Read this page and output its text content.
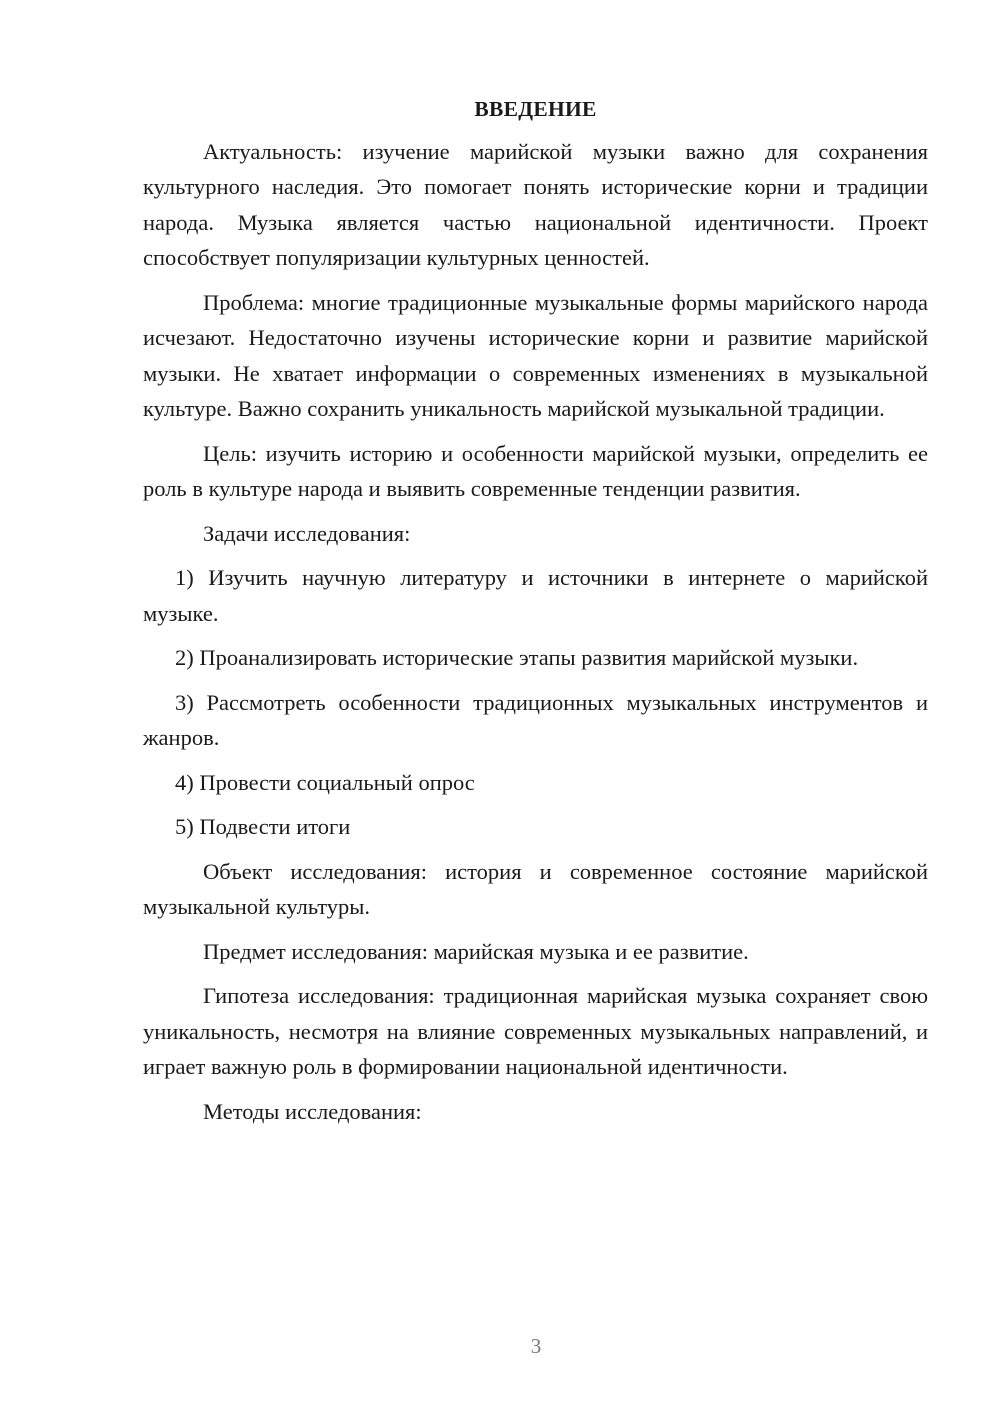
ВВЕДЕНИЕ
Актуальность: изучение марийской музыки важно для сохранения культурного наследия. Это помогает понять исторические корни и традиции народа. Музыка является частью национальной идентичности. Проект способствует популяризации культурных ценностей.
Проблема: многие традиционные музыкальные формы марийского народа исчезают. Недостаточно изучены исторические корни и развитие марийской музыки. Не хватает информации о современных изменениях в музыкальной культуре. Важно сохранить уникальность марийской музыкальной традиции.
Цель: изучить историю и особенности марийской музыки, определить ее роль в культуре народа и выявить современные тенденции развития.
Задачи исследования:
1) Изучить научную литературу и источники в интернете о марийской музыке.
2) Проанализировать исторические этапы развития марийской музыки.
3) Рассмотреть особенности традиционных музыкальных инструментов и жанров.
4) Провести социальный опрос
5) Подвести итоги
Объект исследования: история и современное состояние марийской музыкальной культуры.
Предмет исследования: марийская музыка и ее развитие.
Гипотеза исследования: традиционная марийская музыка сохраняет свою уникальность, несмотря на влияние современных музыкальных направлений, и играет важную роль в формировании национальной идентичности.
Методы исследования:
3
